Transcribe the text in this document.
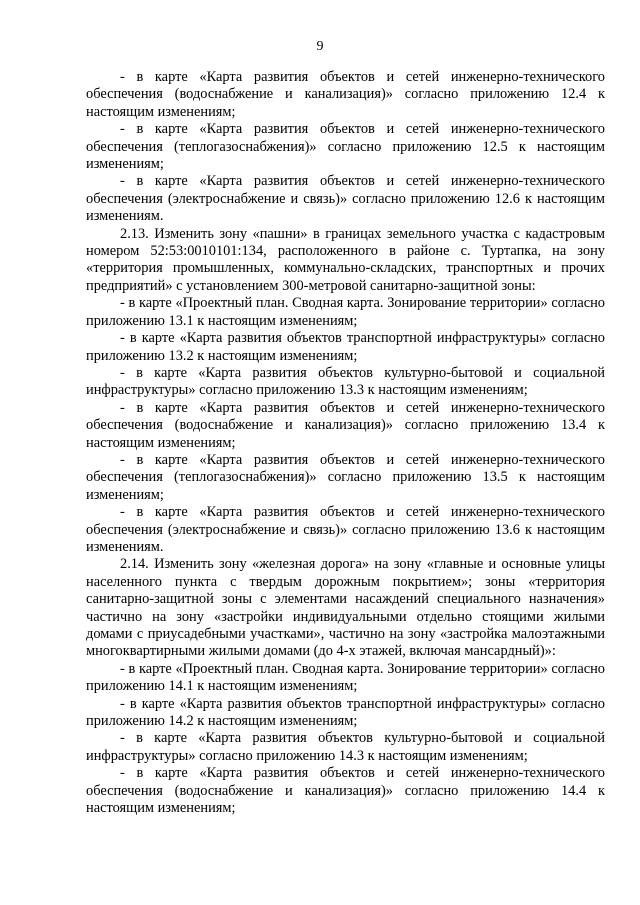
9

- в карте «Карта развития объектов и сетей инженерно-технического обеспечения (водоснабжение и канализация)» согласно приложению 12.4 к настоящим изменениям;

- в карте «Карта развития объектов и сетей инженерно-технического обеспечения (теплогазоснабжения)» согласно приложению 12.5 к настоящим изменениям;

- в карте «Карта развития объектов и сетей инженерно-технического обеспечения (электроснабжение и связь)» согласно приложению 12.6 к настоящим изменениям.

2.13. Изменить зону «пашни» в границах земельного участка с кадастровым номером 52:53:0010101:134, расположенного в районе с. Туртапка, на зону «территория промышленных, коммунально-складских, транспортных и прочих предприятий» с установлением 300-метровой санитарно-защитной зоны:

- в карте «Проектный план. Сводная карта. Зонирование территории» согласно приложению 13.1 к настоящим изменениям;

- в карте «Карта развития объектов транспортной инфраструктуры» согласно приложению 13.2 к настоящим изменениям;

- в карте «Карта развития объектов культурно-бытовой и социальной инфраструктуры» согласно приложению 13.3 к настоящим изменениям;

- в карте «Карта развития объектов и сетей инженерно-технического обеспечения (водоснабжение и канализация)» согласно приложению 13.4 к настоящим изменениям;

- в карте «Карта развития объектов и сетей инженерно-технического обеспечения (теплогазоснабжения)» согласно приложению 13.5 к настоящим изменениям;

- в карте «Карта развития объектов и сетей инженерно-технического обеспечения (электроснабжение и связь)» согласно приложению 13.6 к настоящим изменениям.

2.14. Изменить зону «железная дорога» на зону «главные и основные улицы населенного пункта с твердым дорожным покрытием»; зоны «территория санитарно-защитной зоны с элементами насаждений специального назначения» частично на зону «застройки индивидуальными отдельно стоящими жилыми домами с приусадебными участками», частично на зону «застройка малоэтажными многоквартирными жилыми домами (до 4-х этажей, включая мансардный)»:

- в карте «Проектный план. Сводная карта. Зонирование территории» согласно приложению 14.1 к настоящим изменениям;

- в карте «Карта развития объектов транспортной инфраструктуры» согласно приложению 14.2 к настоящим изменениям;

- в карте «Карта развития объектов культурно-бытовой и социальной инфраструктуры» согласно приложению 14.3 к настоящим изменениям;

- в карте «Карта развития объектов и сетей инженерно-технического обеспечения (водоснабжение и канализация)» согласно приложению 14.4 к настоящим изменениям;
